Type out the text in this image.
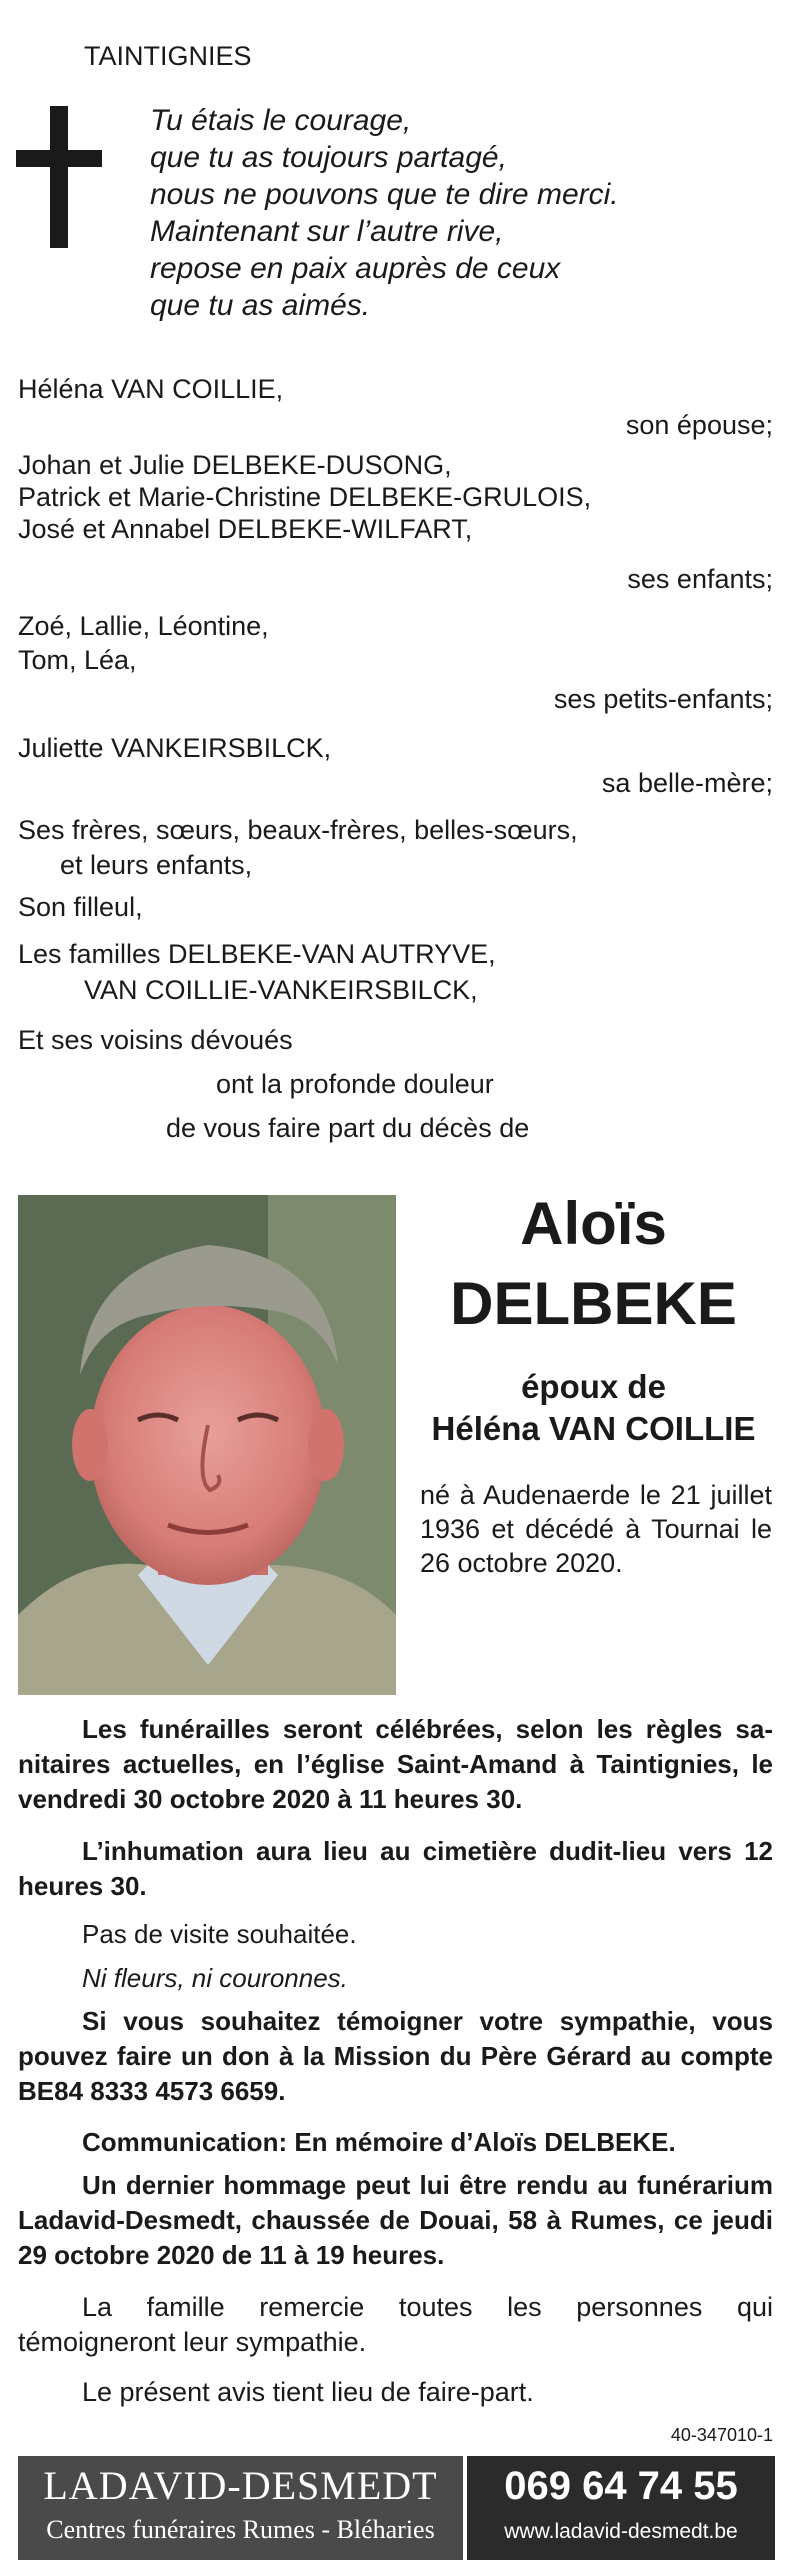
TAINTIGNIES

Tu étais le courage,

que tu as toujours partagé,

nous ne pouvons que te dire merci.

Maintenant sur l’autre rive,

repose en paix auprès de ceux

que tu as aimés.

Héléna VAN COILLIE,

son épouse;

Johan et Julie DELBEKE-DUSONG,

Patrick et Marie-Christine DELBEKE-GRULOIS,

José et Annabel DELBEKE-WILFART,

ses enfants;

Zoé, Lallie, Léontine,

Tom, Léa,

ses petits-enfants;

Juliette VANKEIRSBILCK,

sa belle-mère;

Ses frères, sœurs, beaux-frères, belles-sœurs,

et leurs enfants,

Son filleul,

Les familles DELBEKE-VAN AUTRYVE,

VAN COILLIE-VANKEIRSBILCK,

Et ses voisins dévoués

ont la profonde douleur

de vous faire part du décès de

Aloïs

DELBEKE

époux de

Héléna VAN COILLIE

né à Audenaerde le 21 juillet 1936 et décédé à Tournai le 26 octobre 2020.

Les funérailles seront célébrées, selon les règles sanitaires actuelles, en l’église Saint-Amand à Taintignies, le vendredi 30 octobre 2020 à 11 heures 30.

L’inhumation aura lieu au cimetière dudit-lieu vers 12 heures 30.

Pas de visite souhaitée.

Ni fleurs, ni couronnes.

Si vous souhaitez témoigner votre sympathie, vous pouvez faire un don à la Mission du Père Gérard au compte BE84 8333 4573 6659.

Communication: En mémoire d’Aloïs DELBEKE.

Un dernier hommage peut lui être rendu au funérarium Ladavid-Desmedt, chaussée de Douai, 58 à Rumes, ce jeudi 29 octobre 2020 de 11 à 19 heures.

La famille remercie toutes les personnes qui témoigneront leur sympathie.

Le présent avis tient lieu de faire-part.

40-347010-1

LADAVID-DESMEDT

Centres funéraires Rumes - Bléharies

069 64 74 55

www.ladavid-desmedt.be
